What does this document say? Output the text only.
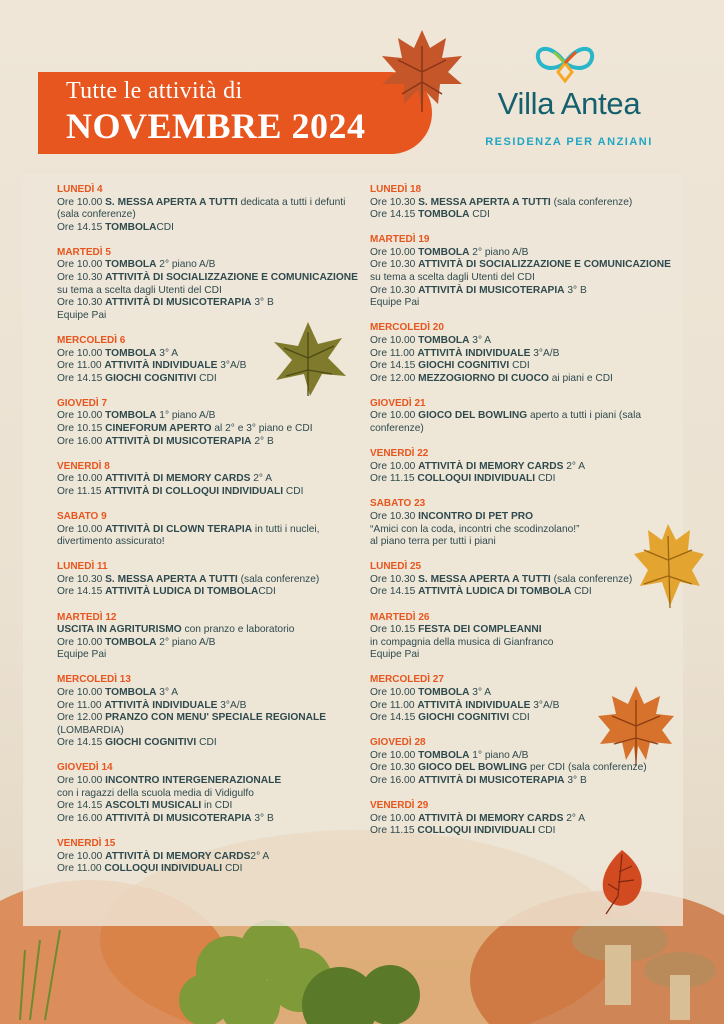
Tutte le attività di
NOVEMBRE 2024
Villa Antea
RESIDENZA PER ANZIANI
LUNEDÌ 4
Ore 10.00 S. MESSA APERTA A TUTTI dedicata a tutti i defunti (sala conferenze)
Ore 14.15 TOMBOLACDI
MARTEDÌ 5
Ore 10.00 TOMBOLA 2° piano A/B
Ore 10.30 ATTIVITÀ DI SOCIALIZZAZIONE E COMUNICAZIONE
su tema a scelta dagli Utenti del CDI
Ore 10.30 ATTIVITÀ DI MUSICOTERAPIA 3° B
Equipe Pai
MERCOLEDÌ 6
Ore 10.00 TOMBOLA 3° A
Ore 11.00 ATTIVITÀ INDIVIDUALE 3°A/B
Ore 14.15 GIOCHI COGNITIVI CDI
GIOVEDÌ 7
Ore 10.00 TOMBOLA 1° piano A/B
Ore 10.15 CINEFORUM APERTO al 2° e 3° piano e CDI
Ore 16.00 ATTIVITÀ DI MUSICOTERAPIA 2° B
VENERDÌ 8
Ore 10.00 ATTIVITÀ DI MEMORY CARDS 2° A
Ore 11.15 ATTIVITÀ DI COLLOQUI INDIVIDUALI CDI
SABATO 9
Ore 10.00 ATTIVITÀ DI CLOWN TERAPIA in tutti i nuclei, divertimento assicurato!
LUNEDÌ 11
Ore 10.30 S. MESSA APERTA A TUTTI (sala conferenze)
Ore 14.15 ATTIVITÀ LUDICA DI TOMBOLACDI
MARTEDÌ 12
USCITA IN AGRITURISMO con pranzo e laboratorio
Ore 10.00 TOMBOLA 2° piano A/B
Equipe Pai
MERCOLEDÌ 13
Ore 10.00 TOMBOLA 3° A
Ore 11.00 ATTIVITÀ INDIVIDUALE 3°A/B
Ore 12.00 PRANZO CON MENU' SPECIALE REGIONALE
(LOMBARDIA)
Ore 14.15 GIOCHI COGNITIVI CDI
GIOVEDÌ 14
Ore 10.00 INCONTRO INTERGENERAZIONALE
con i ragazzi della scuola media di Vidigulfo
Ore 14.15 ASCOLTI MUSICALI in CDI
Ore 16.00 ATTIVITÀ DI MUSICOTERAPIA 3° B
VENERDÌ 15
Ore 10.00 ATTIVITÀ DI MEMORY CARDS2° A
Ore 11.00 COLLOQUI INDIVIDUALI CDI
LUNEDÌ 18
Ore 10.30 S. MESSA APERTA A TUTTI (sala conferenze)
Ore 14.15 TOMBOLA CDI
MARTEDÌ 19
Ore 10.00 TOMBOLA 2° piano A/B
Ore 10.30 ATTIVITÀ DI SOCIALIZZAZIONE E COMUNICAZIONE
su tema a scelta dagli Utenti del CDI
Ore 10.30 ATTIVITÀ DI MUSICOTERAPIA 3° B
Equipe Pai
MERCOLEDÌ 20
Ore 10.00 TOMBOLA 3° A
Ore 11.00 ATTIVITÀ INDIVIDUALE 3°A/B
Ore 14.15 GIOCHI COGNITIVI CDI
Ore 12.00 MEZZOGIORNO DI CUOCO ai piani e CDI
GIOVEDÌ 21
Ore 10.00 GIOCO DEL BOWLING aperto a tutti i piani (sala conferenze)
VENERDÌ 22
Ore 10.00 ATTIVITÀ DI MEMORY CARDS 2° A
Ore 11.15 COLLOQUI INDIVIDUALI CDI
SABATO 23
Ore 10.30 INCONTRO DI PET PRO
“Amici con la coda, incontri che scodinzolano!”
al piano terra per tutti i piani
LUNEDÌ 25
Ore 10.30 S. MESSA APERTA A TUTTI (sala conferenze)
Ore 14.15 ATTIVITÀ LUDICA DI TOMBOLA CDI
MARTEDÌ 26
Ore 10.15 FESTA DEI COMPLEANNI
in compagnia della musica di Gianfranco
Equipe Pai
MERCOLEDÌ 27
Ore 10.00 TOMBOLA 3° A
Ore 11.00 ATTIVITÀ INDIVIDUALE 3°A/B
Ore 14.15 GIOCHI COGNITIVI CDI
GIOVEDÌ 28
Ore 10.00 TOMBOLA 1° piano A/B
Ore 10.30 GIOCO DEL BOWLING per CDI (sala conferenze)
Ore 16.00 ATTIVITÀ DI MUSICOTERAPIA 3° B
VENERDÌ 29
Ore 10.00 ATTIVITÀ DI MEMORY CARDS 2° A
Ore 11.15 COLLOQUI INDIVIDUALI CDI
